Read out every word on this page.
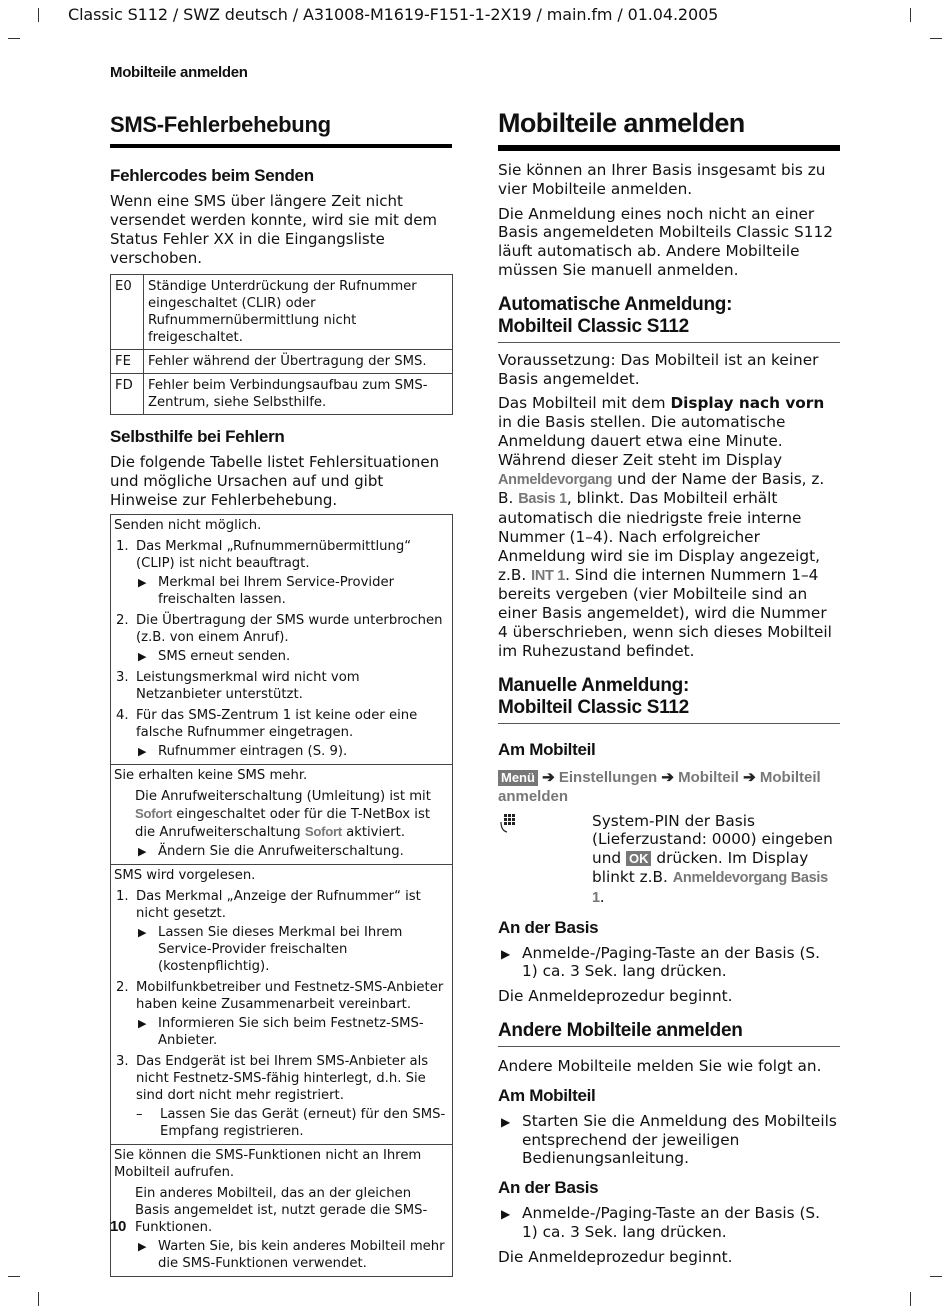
Classic S112 / SWZ deutsch / A31008-M1619-F151-1-2X19 / main.fm / 01.04.2005
Mobilteile anmelden
10
SMS-Fehlerbehebung
Fehlercodes beim Senden

Wenn eine SMS über längere Zeit nicht versendet werden konnte, wird sie mit dem Status Fehler XX in die Eingangsliste verschoben.

E0	Ständige Unterdrückung der Rufnummer eingeschaltet (CLIR) oder Rufnummernübermittlung nicht freigeschaltet.
FE	Fehler während der Übertragung der SMS.
FD	Fehler beim Verbindungsaufbau zum SMS-Zentrum, siehe Selbsthilfe.
Selbsthilfe bei Fehlern

Die folgende Tabelle listet Fehlersituationen und mögliche Ursachen auf und gibt Hinweise zur Fehlerbehebung.

Senden nicht möglich.
1. Das Merkmal „Rufnummernübermittlung“ (CLIP) ist nicht beauftragt.
▶ Merkmal bei Ihrem Service-Provider freischalten lassen.
2. Die Übertragung der SMS wurde unterbrochen (z.B. von einem Anruf).
▶ SMS erneut senden.
3. Leistungsmerkmal wird nicht vom Netzanbieter unterstützt.
4. Für das SMS-Zentrum 1 ist keine oder eine falsche Rufnummer eingetragen.
▶ Rufnummer eintragen (S. 9).
Sie erhalten keine SMS mehr.
Die Anrufweiterschaltung (Umleitung) ist mit Sofort eingeschaltet oder für die T-NetBox ist die Anrufweiterschaltung Sofort aktiviert.
▶ Ändern Sie die Anrufweiterschaltung.
SMS wird vorgelesen.
1. Das Merkmal „Anzeige der Rufnummer“ ist nicht gesetzt.
▶ Lassen Sie dieses Merkmal bei Ihrem Service-Provider freischalten (kostenpflichtig).
2. Mobilfunkbetreiber und Festnetz-SMS-Anbieter haben keine Zusammenarbeit vereinbart.
▶ Informieren Sie sich beim Festnetz-SMS-Anbieter.
3. Das Endgerät ist bei Ihrem SMS-Anbieter als nicht Festnetz-SMS-fähig hinterlegt, d.h. Sie sind dort nicht mehr registriert.
– Lassen Sie das Gerät (erneut) für den SMS-Empfang registrieren.
Sie können die SMS-Funktionen nicht an Ihrem Mobilteil aufrufen.
Ein anderes Mobilteil, das an der gleichen Basis angemeldet ist, nutzt gerade die SMS-Funktionen.
▶ Warten Sie, bis kein anderes Mobilteil mehr die SMS-Funktionen verwendet.
Mobilteile anmelden

Sie können an Ihrer Basis insgesamt bis zu vier Mobilteile anmelden.

Die Anmeldung eines noch nicht an einer Basis angemeldeten Mobilteils Classic S112 läuft automatisch ab. Andere Mobilteile müssen Sie manuell anmelden.

Automatische Anmeldung:
Mobilteil Classic S112

Voraussetzung: Das Mobilteil ist an keiner Basis angemeldet.

Das Mobilteil mit dem Display nach vorn in die Basis stellen. Die automatische Anmeldung dauert etwa eine Minute. Während dieser Zeit steht im Display Anmeldevorgang und der Name der Basis, z. B. Basis 1, blinkt. Das Mobilteil erhält automatisch die niedrigste freie interne Nummer (1–4). Nach erfolgreicher Anmeldung wird sie im Display angezeigt, z.B. INT 1. Sind die internen Nummern 1–4 bereits vergeben (vier Mobilteile sind an einer Basis angemeldet), wird die Nummer 4 überschrieben, wenn sich dieses Mobilteil im Ruhezustand befindet.

Manuelle Anmeldung:
Mobilteil Classic S112
Am Mobilteil
Menü ➔ Einstellungen ➔ Mobilteil ➔ Mobilteil anmelden

System-PIN der Basis (Lieferzustand: 0000) eingeben und OK drücken. Im Display blinkt z.B. Anmeldevorgang Basis 1.

An der Basis
▶ Anmelde-/Paging-Taste an der Basis (S. 1) ca. 3 Sek. lang drücken.

Die Anmeldeprozedur beginnt.

Andere Mobilteile anmelden

Andere Mobilteile melden Sie wie folgt an.

Am Mobilteil
▶ Starten Sie die Anmeldung des Mobilteils entsprechend der jeweiligen Bedienungsanleitung.
An der Basis
▶ Anmelde-/Paging-Taste an der Basis (S. 1) ca. 3 Sek. lang drücken.

Die Anmeldeprozedur beginnt.
